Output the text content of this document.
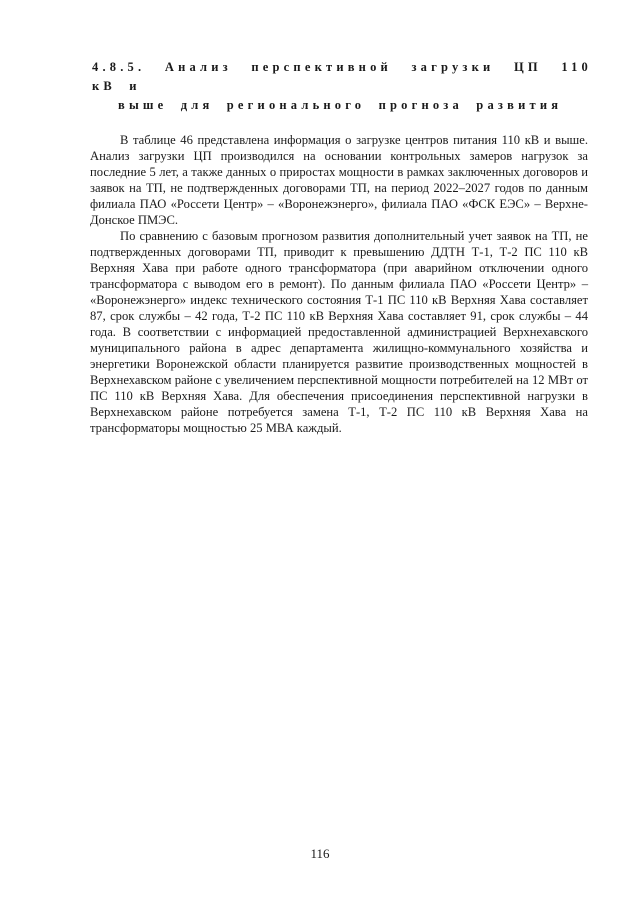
4.8.5. Анализ перспективной загрузки ЦП 110 кВ и
выше для регионального прогноза развития

В таблице 46 представлена информация о загрузке центров питания 110 кВ и выше. Анализ загрузки ЦП производился на основании контрольных замеров нагрузок за последние 5 лет, а также данных о приростах мощности в рамках заключенных договоров и заявок на ТП, не подтвержденных договорами ТП, на период 2022–2027 годов по данным филиала ПАО «Россети Центр» – «Воронежэнерго», филиала ПАО «ФСК ЕЭС» – Верхне-Донское ПМЭС.

По сравнению с базовым прогнозом развития дополнительный учет заявок на ТП, не подтвержденных договорами ТП, приводит к превышению ДДТН Т-1, Т-2 ПС 110 кВ Верхняя Хава при работе одного трансформатора (при аварийном отключении одного трансформатора с выводом его в ремонт). По данным филиала ПАО «Россети Центр» – «Воронежэнерго» индекс технического состояния Т-1 ПС 110 кВ Верхняя Хава составляет 87, срок службы – 42 года, Т-2 ПС 110 кВ Верхняя Хава составляет 91, срок службы – 44 года. В соответствии с информацией предоставленной администрацией Верхнехавского муниципального района в адрес департамента жилищно-коммунального хозяйства и энергетики Воронежской области планируется развитие производственных мощностей в Верхнехавском районе с увеличением перспективной мощности потребителей на 12 МВт от ПС 110 кВ Верхняя Хава. Для обеспечения присоединения перспективной нагрузки в Верхнехавском районе потребуется замена Т-1, Т-2 ПС 110 кВ Верхняя Хава на трансформаторы мощностью 25 МВА каждый.

116
